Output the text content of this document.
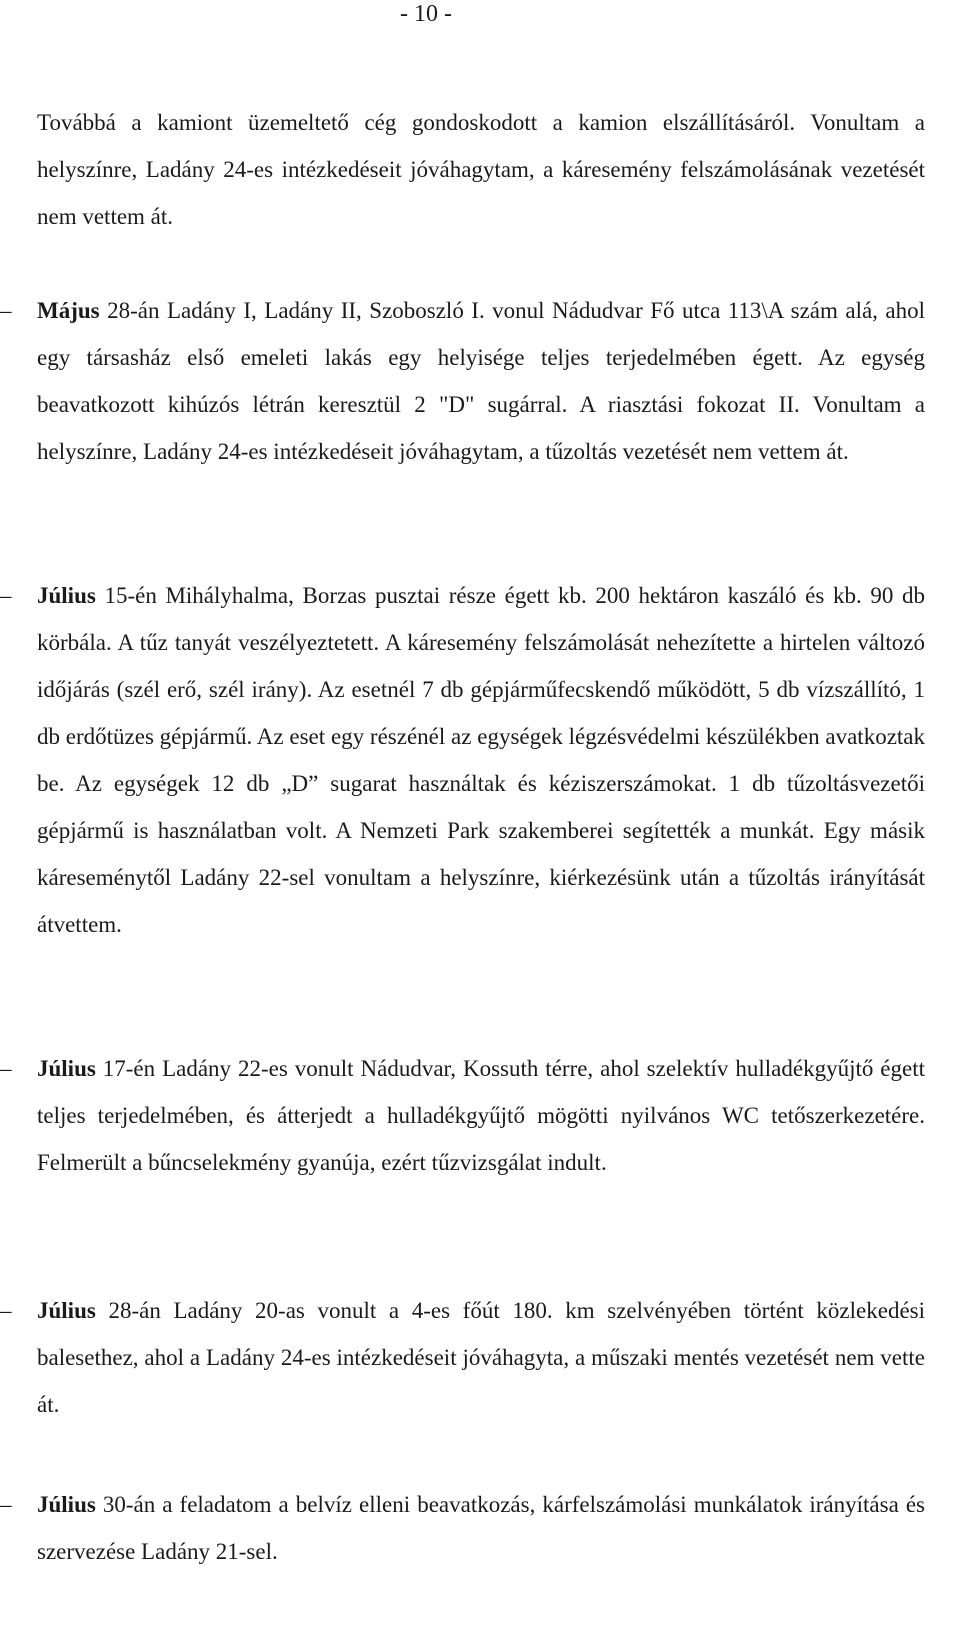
- 10 -

Továbbá a kamiont üzemeltető cég gondoskodott a kamion elszállításáról. Vonultam a helyszínre, Ladány 24-es intézkedéseit jóváhagytam, a káresemény felszámolásának vezetését nem vettem át.

–	Május 28-án Ladány I, Ladány II, Szoboszló I. vonul Nádudvar Fő utca 113\A szám alá, ahol egy társasház első emeleti lakás egy helyisége teljes terjedelmében égett. Az egység beavatkozott kihúzós létrán keresztül 2 "D" sugárral. A riasztási fokozat II. Vonultam a helyszínre, Ladány 24-es intézkedéseit jóváhagytam, a tűzoltás vezetését nem vettem át.

–	Július 15-én Mihályhalma, Borzas pusztai része égett kb. 200 hektáron kaszáló és kb. 90 db körbála. A tűz tanyát veszélyeztetett. A káresemény felszámolását nehezítette a hirtelen változó időjárás (szél erő, szél irány). Az esetnél 7 db gépjárműfecskendő működött, 5 db vízszállító, 1 db erdőtüzes gépjármű. Az eset egy részénél az egységek légzésvédelmi készülékben avatkoztak be. Az egységek 12 db „D” sugarat használtak és kéziszerszámokat. 1 db tűzoltásvezetői gépjármű is használatban volt. A Nemzeti Park szakemberei segítették a munkát. Egy másik káreseménytől Ladány 22-sel vonultam a helyszínre, kiérkezésünk után a tűzoltás irányítását átvettem.

–	Július 17-én Ladány 22-es vonult Nádudvar, Kossuth térre, ahol szelektív hulladékgyűjtő égett teljes terjedelmében, és átterjedt a hulladékgyűjtő mögötti nyilvános WC tetőszerkezetére. Felmerült a bűncselekmény gyanúja, ezért tűzvizsgálat indult.

–	Július 28-án Ladány 20-as vonult a 4-es főút 180. km szelvényében történt közlekedési balesethez, ahol a Ladány 24-es intézkedéseit jóváhagyta, a műszaki mentés vezetését nem vette át.

–	Július 30-án a feladatom a belvíz elleni beavatkozás, kárfelszámolási munkálatok irányítása és szervezése Ladány 21-sel.
